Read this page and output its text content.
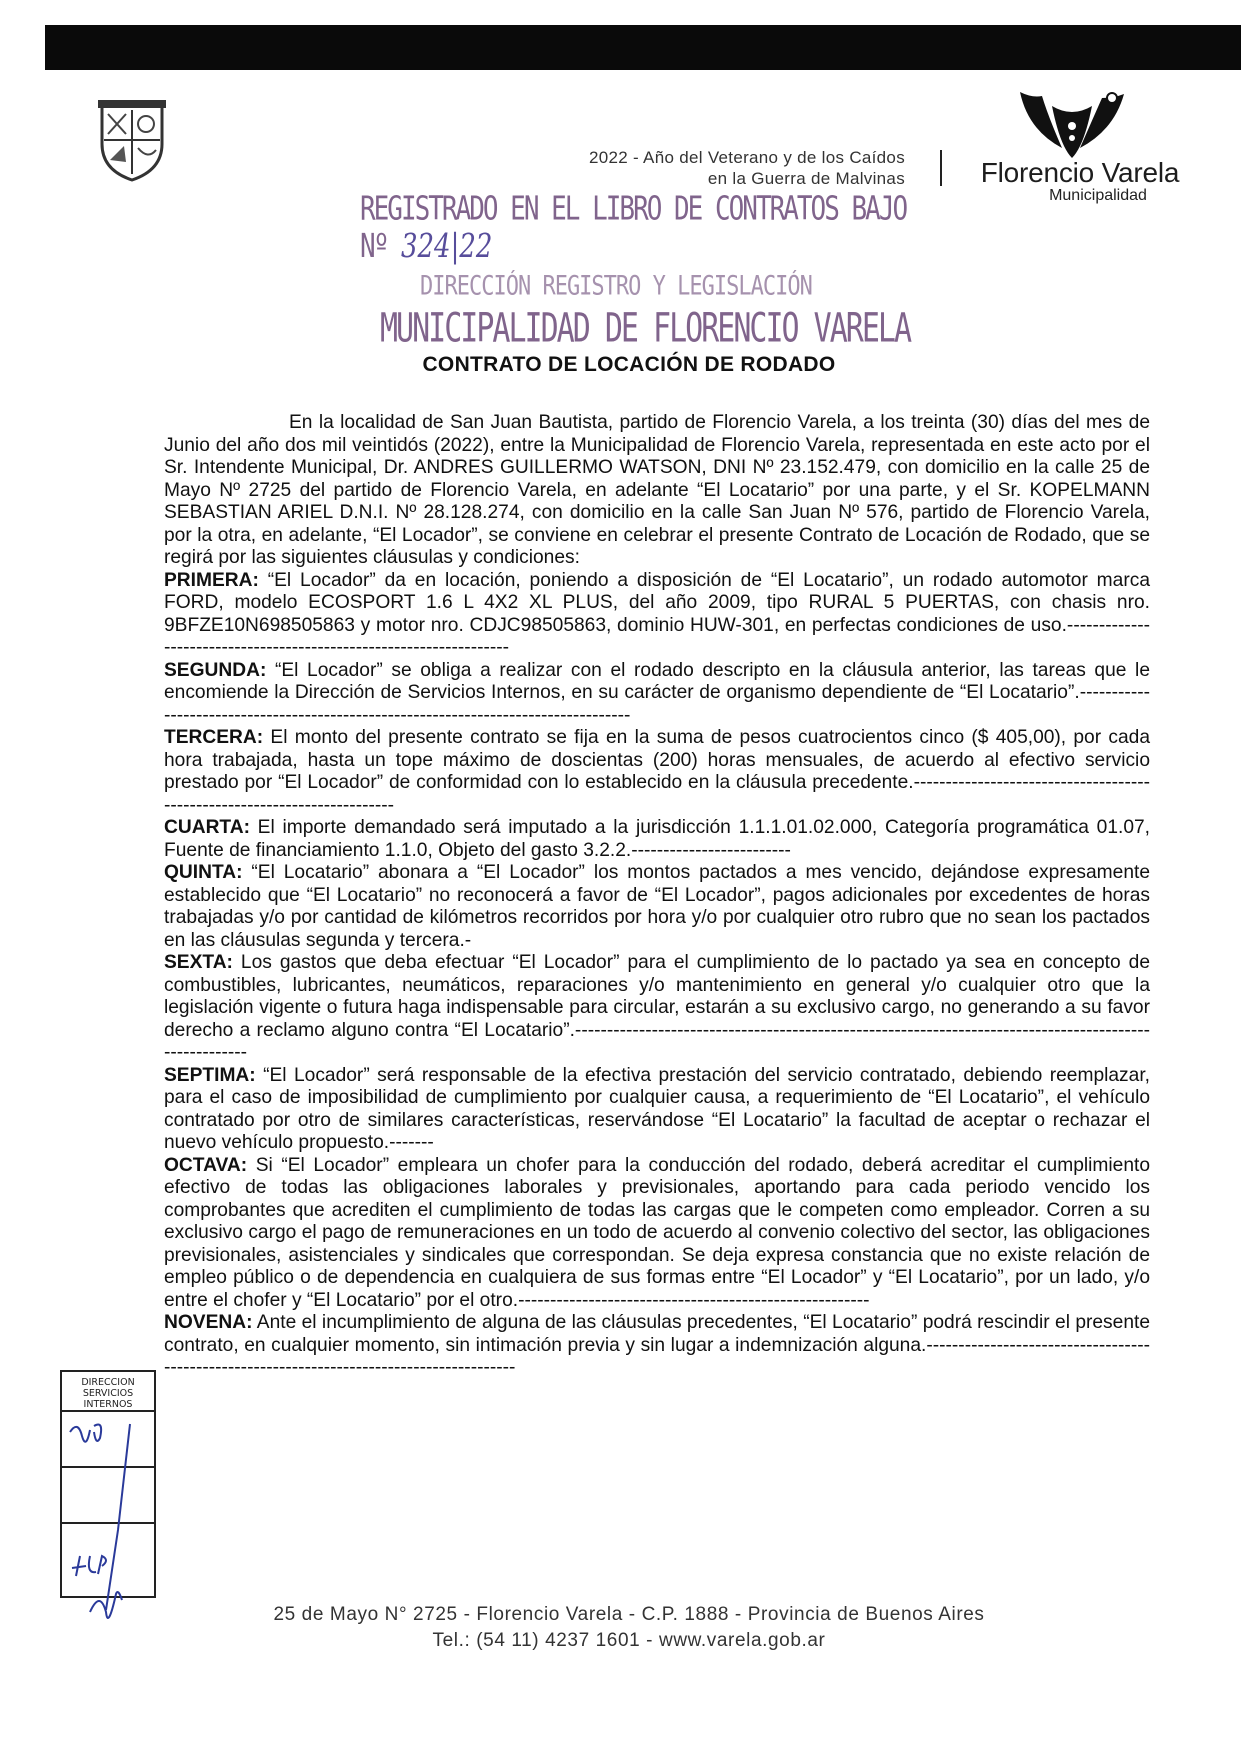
2022 - Año del Veterano y de los Caídos
en la Guerra de Malvinas	Florencio Varela
Municipalidad
REGISTRADO EN EL LIBRO DE CONTRATOS BAJO Nº 324|22
DIRECCIÓN REGISTRO Y LEGISLACIÓN
MUNICIPALIDAD DE FLORENCIO VARELA
CONTRATO DE LOCACIÓN DE RODADO

En la localidad de San Juan Bautista, partido de Florencio Varela, a los treinta (30) días del mes de Junio del año dos mil veintidós (2022), entre la Municipalidad de Florencio Varela, representada en este acto por el Sr. Intendente Municipal, Dr. ANDRES GUILLERMO WATSON, DNI Nº 23.152.479, con domicilio en la calle 25 de Mayo Nº 2725 del partido de Florencio Varela, en adelante “El Locatario” por una parte, y el Sr. KOPELMANN SEBASTIAN ARIEL D.N.I. Nº 28.128.274, con domicilio en la calle San Juan Nº 576, partido de Florencio Varela, por la otra, en adelante, “El Locador”, se conviene en celebrar el presente Contrato de Locación de Rodado, que se regirá por las siguientes cláusulas y condiciones:

PRIMERA: “El Locador” da en locación, poniendo a disposición de “El Locatario”, un rodado automotor marca FORD, modelo ECOSPORT 1.6 L 4X2 XL PLUS, del año 2009, tipo RURAL 5 PUERTAS, con chasis nro. 9BFZE10N698505863 y motor nro. CDJC98505863, dominio HUW-301, en perfectas condiciones de uso.-------------------------------------------------------------------

SEGUNDA: “El Locador” se obliga a realizar con el rodado descripto en la cláusula anterior, las tareas que le encomiende la Dirección de Servicios Internos, en su carácter de organismo dependiente de “El Locatario”.------------------------------------------------------------------------------------

TERCERA: El monto del presente contrato se fija en la suma de pesos cuatrocientos cinco ($ 405,00), por cada hora trabajada, hasta un tope máximo de doscientas (200) horas mensuales, de acuerdo al efectivo servicio prestado por “El Locador” de conformidad con lo establecido en la cláusula precedente.-------------------------------------------------------------------------

CUARTA: El importe demandado será imputado a la jurisdicción 1.1.1.01.02.000, Categoría programática 01.07, Fuente de financiamiento 1.1.0, Objeto del gasto 3.2.2.-------------------------

QUINTA: “El Locatario” abonara a “El Locador” los montos pactados a mes vencido, dejándose expresamente establecido que “El Locatario” no reconocerá a favor de “El Locador”, pagos adicionales por excedentes de horas trabajadas y/o por cantidad de kilómetros recorridos por hora y/o por cualquier otro rubro que no sean los pactados en las cláusulas segunda y tercera.-

SEXTA: Los gastos que deba efectuar “El Locador” para el cumplimiento de lo pactado ya sea en concepto de combustibles, lubricantes, neumáticos, reparaciones y/o mantenimiento en general y/o cualquier otro que la legislación vigente o futura haga indispensable para circular, estarán a su exclusivo cargo, no generando a su favor derecho a reclamo alguno contra “El Locatario”.-------------------------------------------------------------------------------------------------------

SEPTIMA: “El Locador” será responsable de la efectiva prestación del servicio contratado, debiendo reemplazar, para el caso de imposibilidad de cumplimiento por cualquier causa, a requerimiento de “El Locatario”, el vehículo contratado por otro de similares características, reservándose “El Locatario” la facultad de aceptar o rechazar el nuevo vehículo propuesto.-------

OCTAVA: Si “El Locador” empleara un chofer para la conducción del rodado, deberá acreditar el cumplimiento efectivo de todas las obligaciones laborales y previsionales, aportando para cada periodo vencido los comprobantes que acrediten el cumplimiento de todas las cargas que le competen como empleador. Corren a su exclusivo cargo el pago de remuneraciones en un todo de acuerdo al convenio colectivo del sector, las obligaciones previsionales, asistenciales y sindicales que correspondan. Se deja expresa constancia que no existe relación de empleo público o de dependencia en cualquiera de sus formas entre “El Locador” y “El Locatario”, por un lado, y/o entre el chofer y “El Locatario” por el otro.-------------------------------------------------------

NOVENA: Ante el incumplimiento de alguna de las cláusulas precedentes, “El Locatario” podrá rescindir el presente contrato, en cualquier momento, sin intimación previa y sin lugar a indemnización alguna.------------------------------------------------------------------------------------------

DIRECCION
SERVICIOS
INTERNOS
25 de Mayo N° 2725 - Florencio Varela - C.P. 1888 - Provincia de Buenos Aires
Tel.: (54 11) 4237 1601 - www.varela.gob.ar
